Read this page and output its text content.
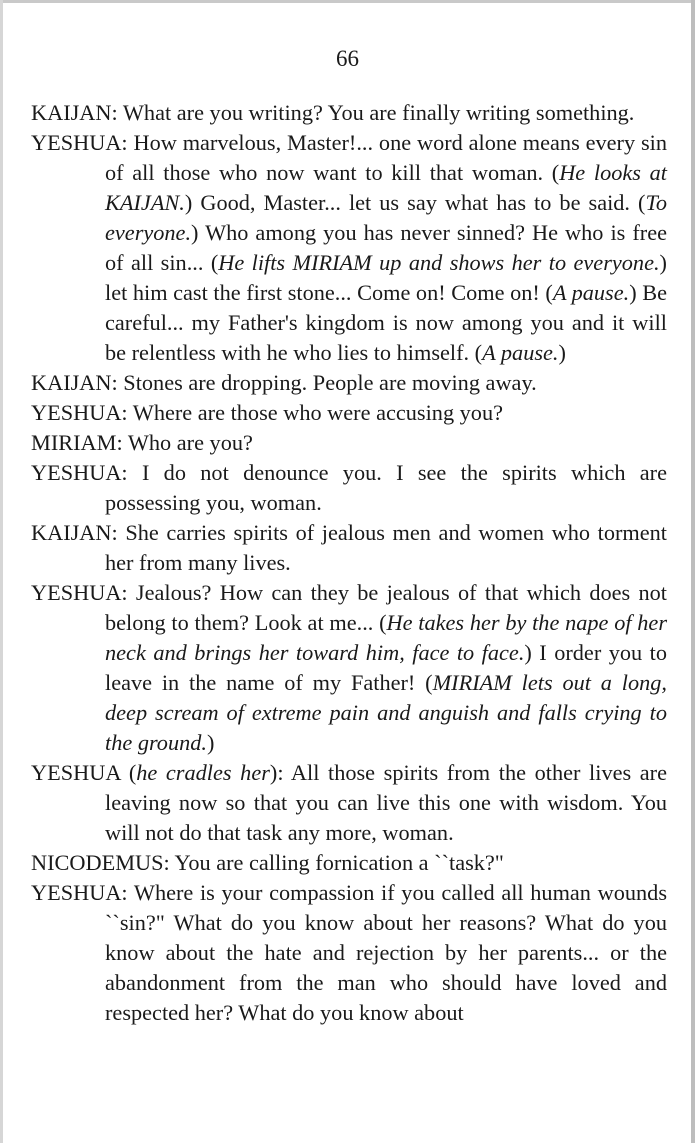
66
KAIJAN: What are you writing? You are finally writing something.
YESHUA: How marvelous, Master!... one word alone means every sin of all those who now want to kill that woman. (He looks at KAIJAN.) Good, Master... let us say what has to be said. (To everyone.) Who among you has never sinned? He who is free of all sin... (He lifts MIRIAM up and shows her to everyone.) let him cast the first stone... Come on! Come on! (A pause.) Be careful... my Father's kingdom is now among you and it will be relentless with he who lies to himself. (A pause.)
KAIJAN: Stones are dropping. People are moving away.
YESHUA: Where are those who were accusing you?
MIRIAM: Who are you?
YESHUA: I do not denounce you. I see the spirits which are possessing you, woman.
KAIJAN: She carries spirits of jealous men and women who torment her from many lives.
YESHUA: Jealous? How can they be jealous of that which does not belong to them? Look at me... (He takes her by the nape of her neck and brings her toward him, face to face.) I order you to leave in the name of my Father! (MIRIAM lets out a long, deep scream of extreme pain and anguish and falls crying to the ground.)
YESHUA (he cradles her): All those spirits from the other lives are leaving now so that you can live this one with wisdom. You will not do that task any more, woman.
NICODEMUS: You are calling fornication a ``task?"
YESHUA: Where is your compassion if you called all human wounds ``sin?" What do you know about her reasons? What do you know about the hate and rejection by her parents... or the abandonment from the man who should have loved and respected her? What do you know about
